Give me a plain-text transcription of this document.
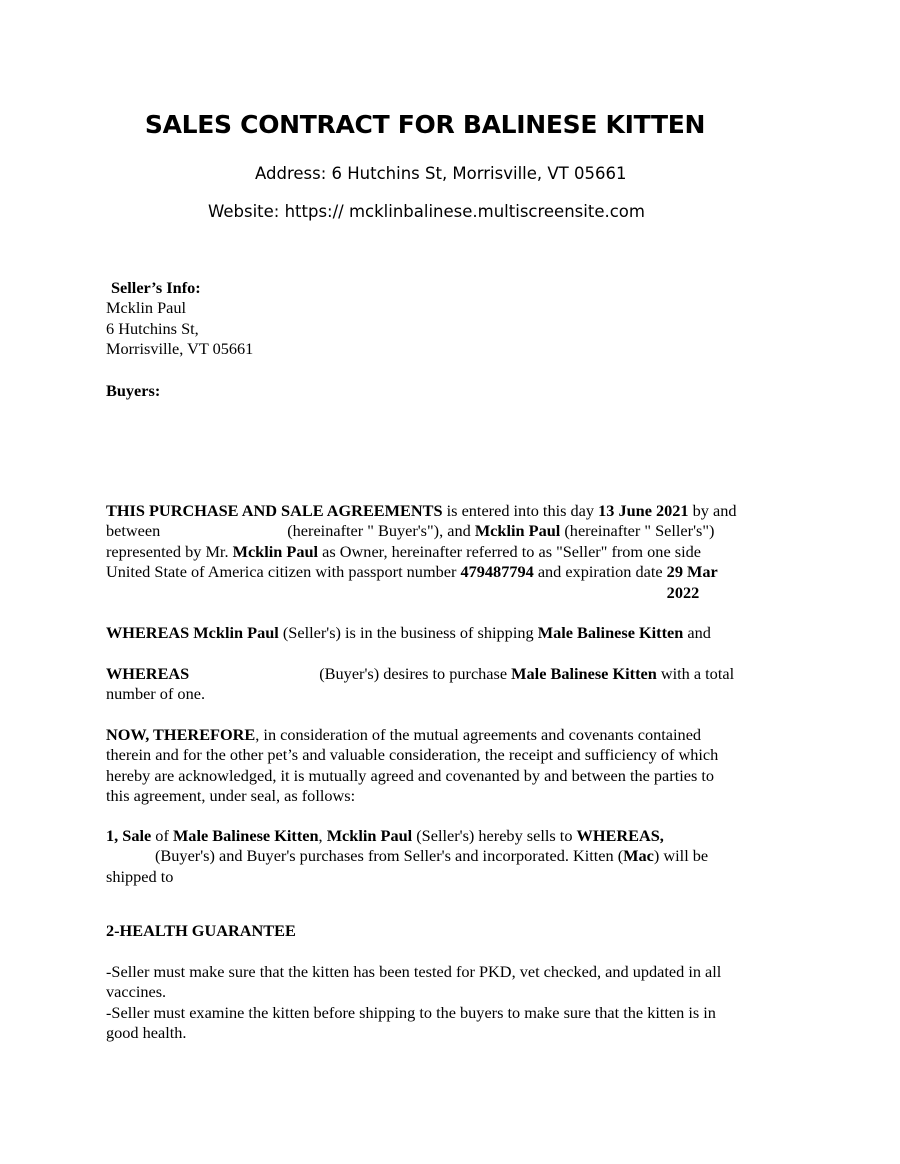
SALES CONTRACT FOR BALINESE KITTEN
Address: 6 Hutchins St, Morrisville, VT 05661
Website: https:// mcklinbalinese.multiscreensite.com
Seller’s Info:
Mcklin Paul
6 Hutchins St,
Morrisville, VT 05661
Buyers:
THIS PURCHASE AND SALE AGREEMENTS is entered into this day 13 June 2021 by and
between	(hereinafter " Buyer's"), and Mcklin Paul (hereinafter " Seller's")
represented by Mr. Mcklin Paul as Owner, hereinafter referred to as "Seller" from one side
United State of America citizen with passport number 479487794 and expiration date 29 Mar 2022
WHEREAS Mcklin Paul (Seller's) is in the business of shipping Male Balinese Kitten and
WHEREAS	(Buyer's) desires to purchase Male Balinese Kitten with a total
number of one.
NOW, THEREFORE, in consideration of the mutual agreements and covenants contained
therein and for the other pet’s and valuable consideration, the receipt and sufficiency of which
hereby are acknowledged, it is mutually agreed and covenanted by and between the parties to
this agreement, under seal, as follows:
1, Sale of Male Balinese Kitten, Mcklin Paul (Seller's) hereby sells to WHEREAS,
(Buyer's) and Buyer's purchases from Seller's and incorporated. Kitten (Mac) will be
shipped to
2-HEALTH GUARANTEE
-Seller must make sure that the kitten has been tested for PKD, vet checked, and updated in all
vaccines.
-Seller must examine the kitten before shipping to the buyers to make sure that the kitten is in
good health.
